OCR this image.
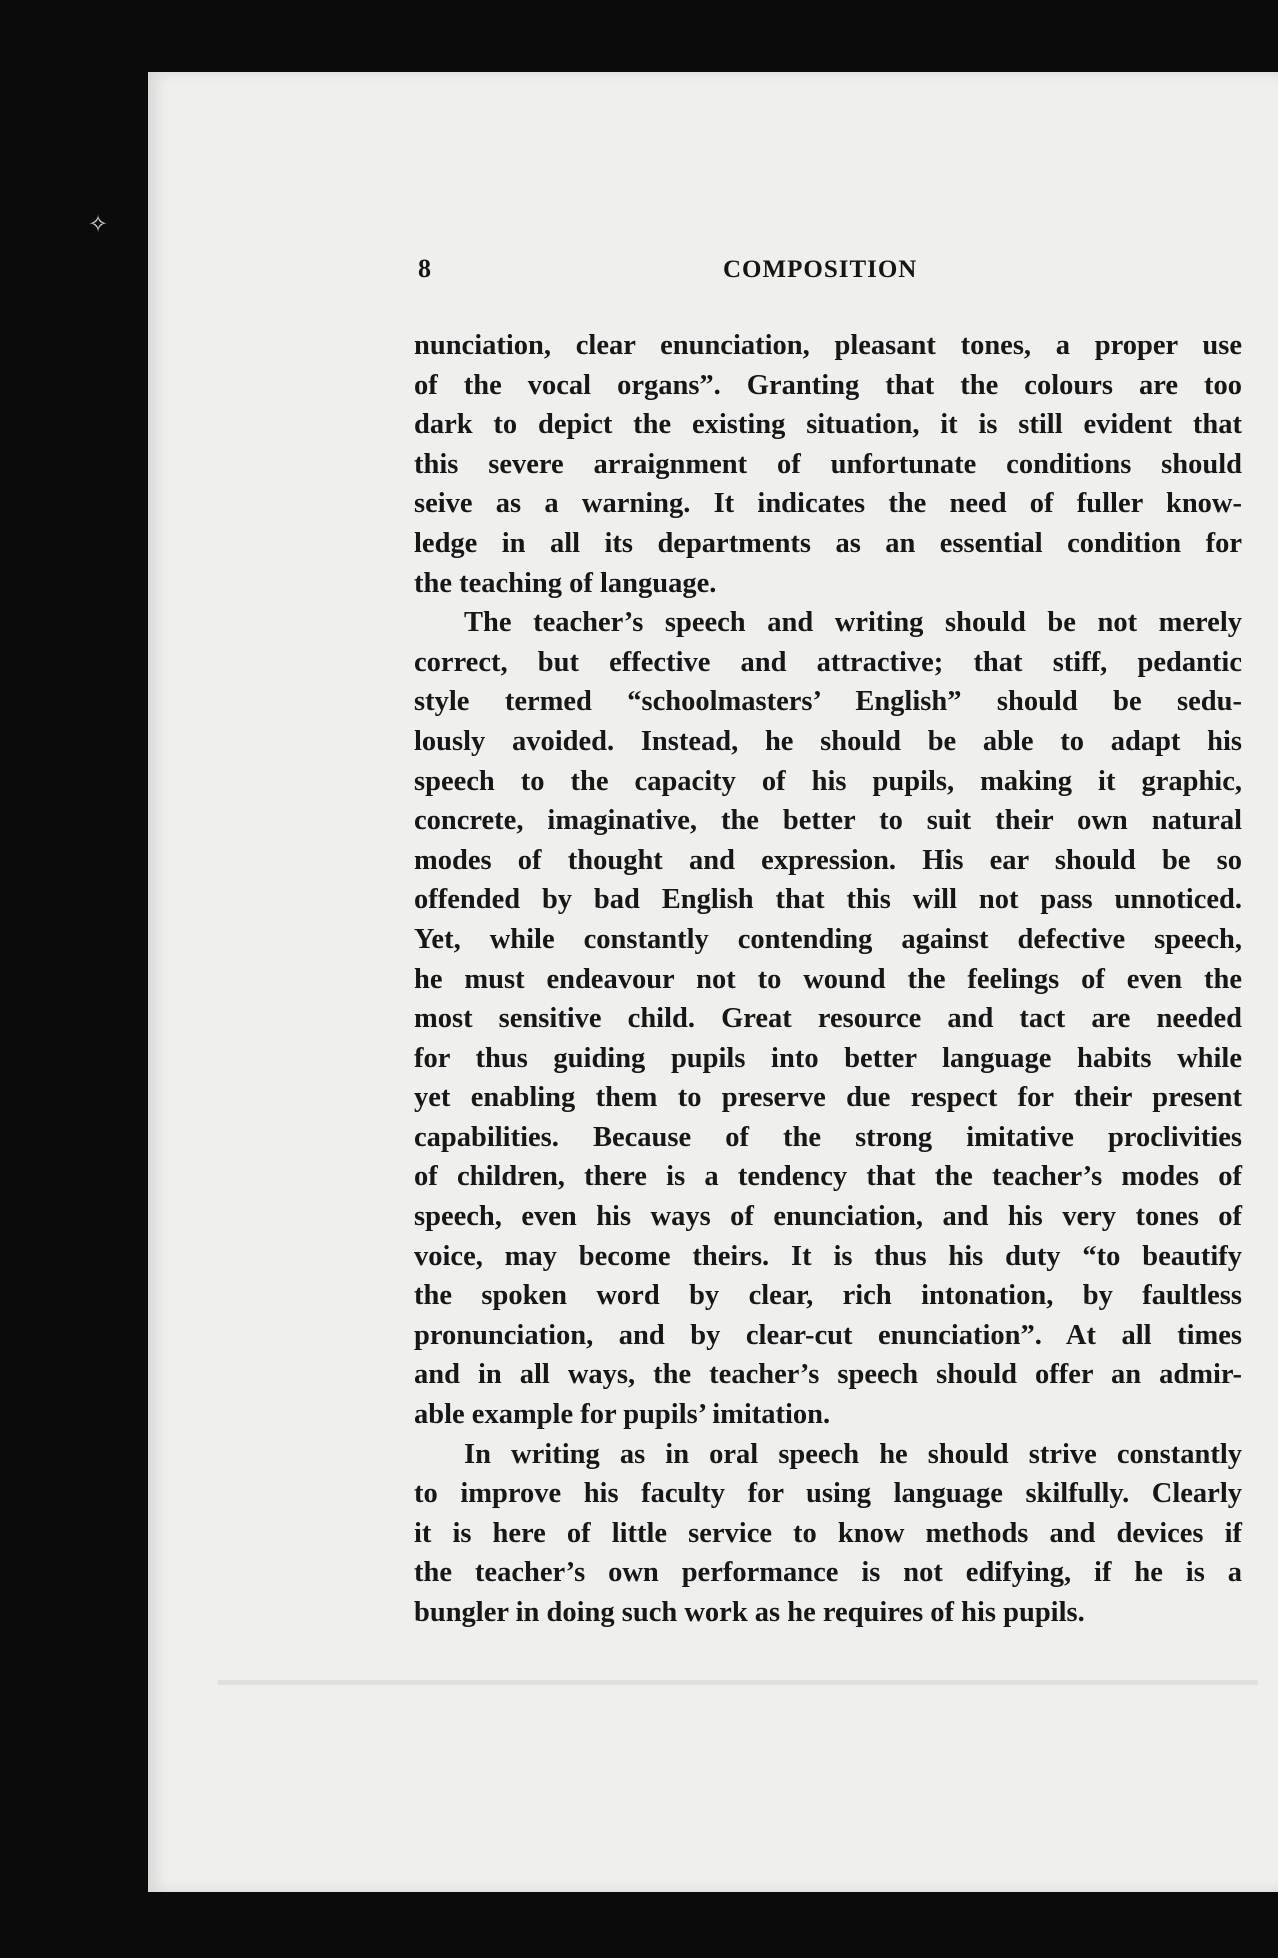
✧
8	COMPOSITION
nunciation, clear enunciation, pleasant tones, a proper use
of the vocal organs”. Granting that the colours are too
dark to depict the existing situation, it is still evident that
this severe arraignment of unfortunate conditions should
seive as a warning. It indicates the need of fuller know-
ledge in all its departments as an essential condition for
the teaching of language.
The teacher’s speech and writing should be not merely
correct, but effective and attractive; that stiff, pedantic
style termed “schoolmasters’ English” should be sedu-
lously avoided. Instead, he should be able to adapt his
speech to the capacity of his pupils, making it graphic,
concrete, imaginative, the better to suit their own natural
modes of thought and expression. His ear should be so
offended by bad English that this will not pass unnoticed.
Yet, while constantly contending against defective speech,
he must endeavour not to wound the feelings of even the
most sensitive child. Great resource and tact are needed
for thus guiding pupils into better language habits while
yet enabling them to preserve due respect for their present
capabilities. Because of the strong imitative proclivities
of children, there is a tendency that the teacher’s modes of
speech, even his ways of enunciation, and his very tones of
voice, may become theirs. It is thus his duty “to beautify
the spoken word by clear, rich intonation, by faultless
pronunciation, and by clear-cut enunciation”. At all times
and in all ways, the teacher’s speech should offer an admir-
able example for pupils’ imitation.
In writing as in oral speech he should strive constantly
to improve his faculty for using language skilfully. Clearly
it is here of little service to know methods and devices if
the teacher’s own performance is not edifying, if he is a
bungler in doing such work as he requires of his pupils.
